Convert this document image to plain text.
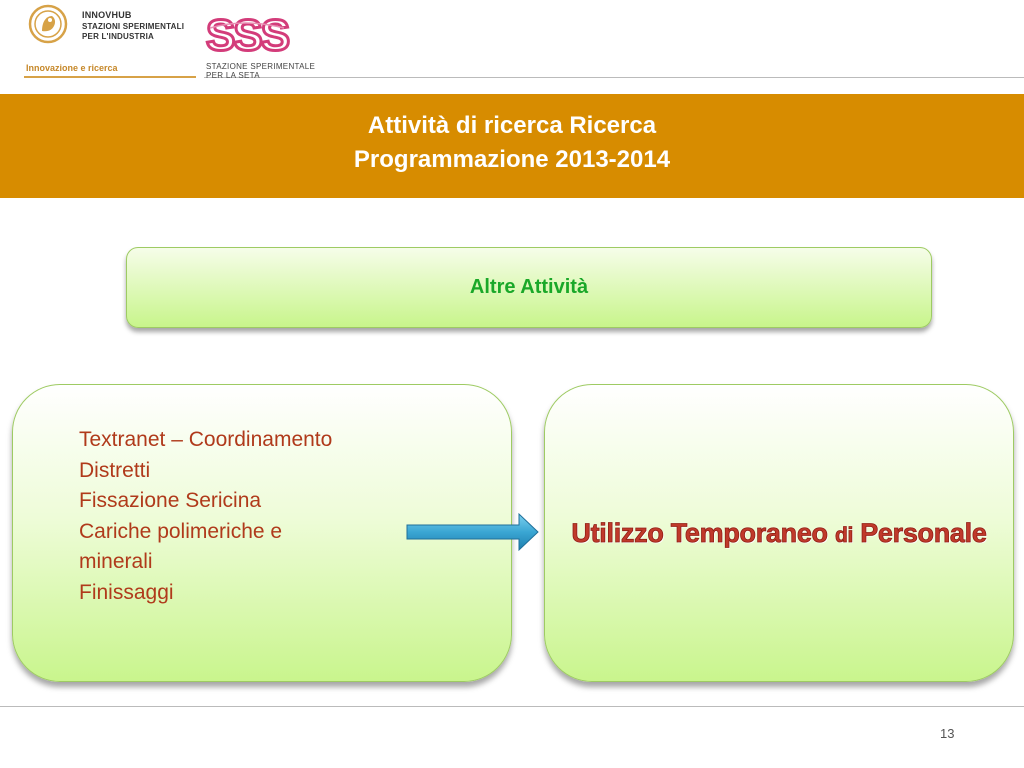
INNOVHUB
STAZIONI SPERIMENTALI
PER L'INDUSTRIA
Innovazione e ricerca
SSS
STAZIONE SPERIMENTALE
PER LA SETA
Attività di ricerca Ricerca
Programmazione 2013-2014
Altre Attività
Textranet – Coordinamento
Distretti
Fissazione Sericina
Cariche polimeriche e
minerali
Finissaggi
Utilizzo Temporaneo di Personale
13
